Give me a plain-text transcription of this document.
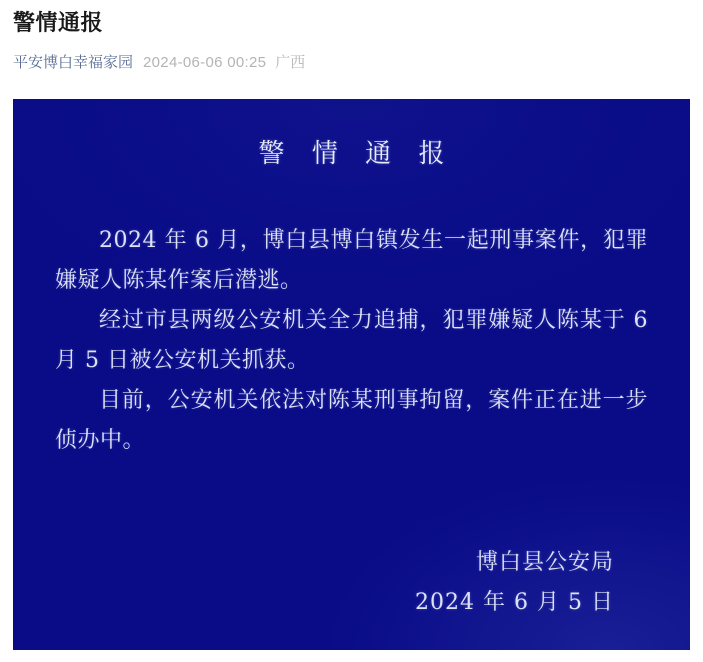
警情通报
平安博白幸福家园 2024-06-06 00:25 广西
警情通报

2024 年 6 月，博白县博白镇发生一起刑事案件，犯罪嫌疑人陈某作案后潜逃。

经过市县两级公安机关全力追捕，犯罪嫌疑人陈某于 6 月 5 日被公安机关抓获。

目前，公安机关依法对陈某刑事拘留，案件正在进一步侦办中。

博白县公安局
2024 年 6 月 5 日
